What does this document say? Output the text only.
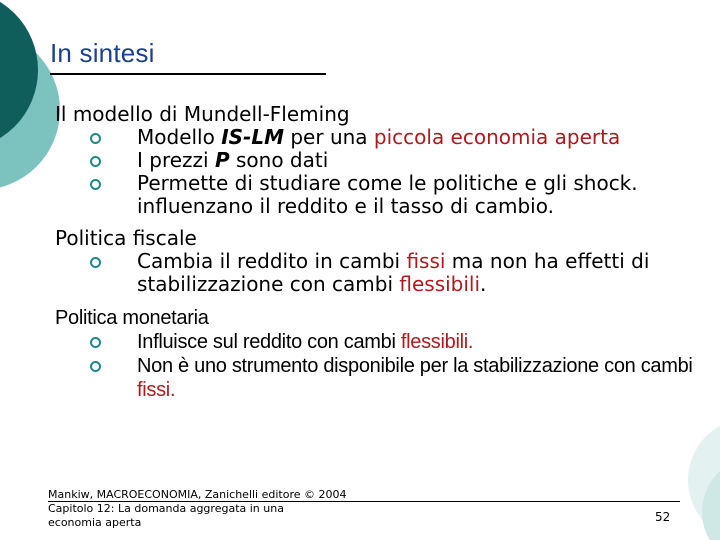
In sintesi
Il modello di Mundell-Fleming
Modello IS-LM per una piccola economia aperta
I prezzi P sono dati
Permette di studiare come le politiche e gli shock. influenzano il reddito e il tasso di cambio.
Politica fiscale
Cambia il reddito in cambi fissi ma non ha effetti di stabilizzazione con cambi flessibili.
Politica monetaria
Influisce sul reddito con cambi flessibili.
Non è uno strumento disponibile per la stabilizzazione con cambi fissi.
Mankiw, MACROECONOMIA, Zanichelli editore © 2004
Capitolo 12: La domanda aggregata in una economia aperta	52
